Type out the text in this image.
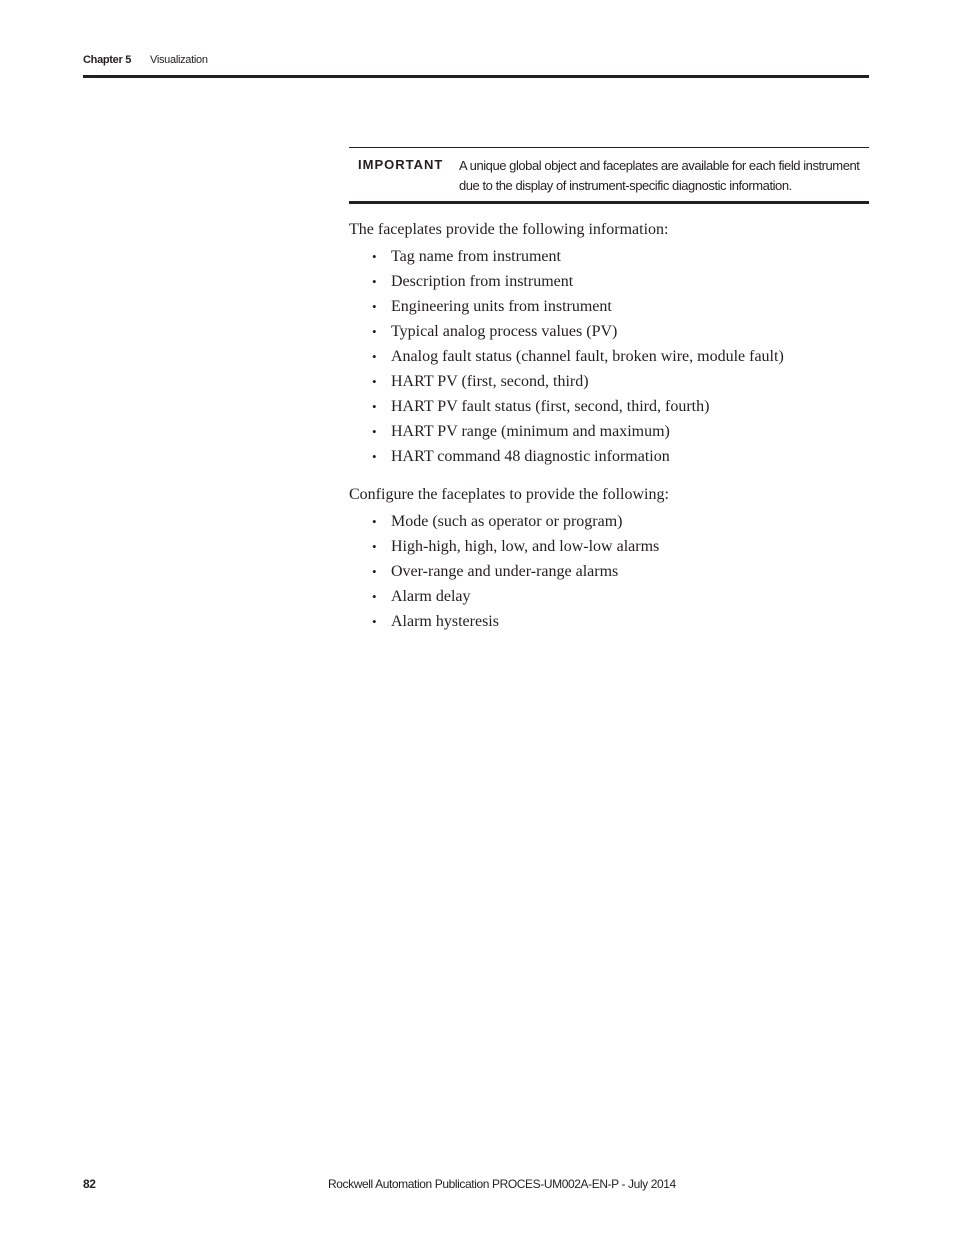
Chapter 5 Visualization
IMPORTANT A unique global object and faceplates are available for each field instrument due to the display of instrument-specific diagnostic information.

The faceplates provide the following information:

• Tag name from instrument
• Description from instrument
• Engineering units from instrument
• Typical analog process values (PV)
• Analog fault status (channel fault, broken wire, module fault)
• HART PV (first, second, third)
• HART PV fault status (first, second, third, fourth)
• HART PV range (minimum and maximum)
• HART command 48 diagnostic information

Configure the faceplates to provide the following:

• Mode (such as operator or program)
• High-high, high, low, and low-low alarms
• Over-range and under-range alarms
• Alarm delay
• Alarm hysteresis
82	Rockwell Automation Publication PROCES-UM002A-EN-P - July 2014
